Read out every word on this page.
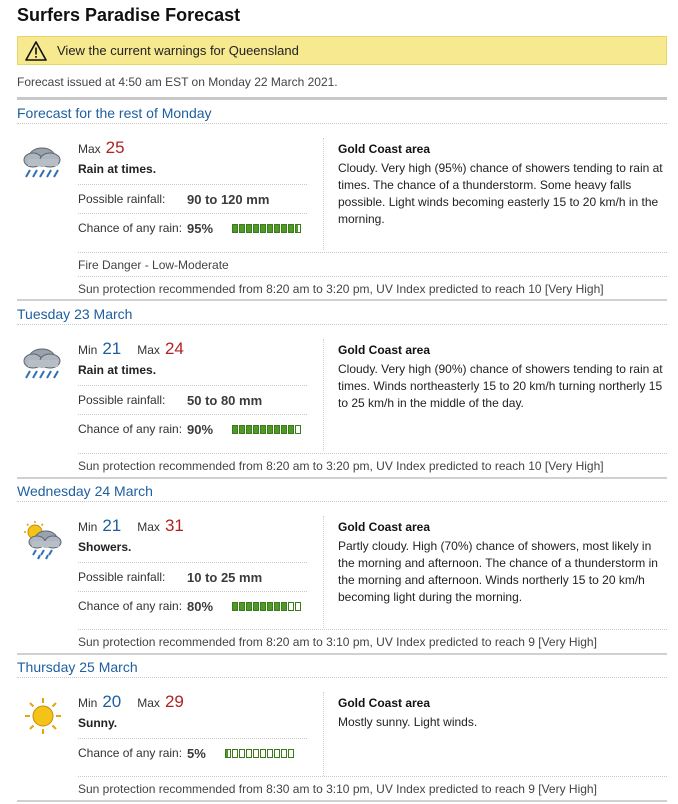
Surfers Paradise Forecast
View the current warnings for Queensland
Forecast issued at 4:50 am EST on Monday 22 March 2021.
Forecast for the rest of Monday
Max 25
Rain at times.
Possible rainfall:	90 to 120 mm
Chance of any rain: 95%
Gold Coast area
Cloudy. Very high (95%) chance of showers tending to rain at times. The chance of a thunderstorm. Some heavy falls possible. Light winds becoming easterly 15 to 20 km/h in the morning.
Fire Danger - Low-Moderate
Sun protection recommended from 8:20 am to 3:20 pm, UV Index predicted to reach 10 [Very High]
Tuesday 23 March
Min 21 Max 24
Rain at times.
Possible rainfall:	50 to 80 mm
Chance of any rain: 90%
Gold Coast area
Cloudy. Very high (90%) chance of showers tending to rain at times. Winds northeasterly 15 to 20 km/h turning northerly 15 to 25 km/h in the middle of the day.
Sun protection recommended from 8:20 am to 3:20 pm, UV Index predicted to reach 10 [Very High]
Wednesday 24 March
Min 21 Max 31
Showers.
Possible rainfall:	10 to 25 mm
Chance of any rain: 80%
Gold Coast area
Partly cloudy. High (70%) chance of showers, most likely in the morning and afternoon. The chance of a thunderstorm in the morning and afternoon. Winds northerly 15 to 20 km/h becoming light during the morning.
Sun protection recommended from 8:20 am to 3:10 pm, UV Index predicted to reach 9 [Very High]
Thursday 25 March
Min 20 Max 29
Sunny.
Chance of any rain: 5%
Gold Coast area
Mostly sunny. Light winds.
Sun protection recommended from 8:30 am to 3:10 pm, UV Index predicted to reach 9 [Very High]
